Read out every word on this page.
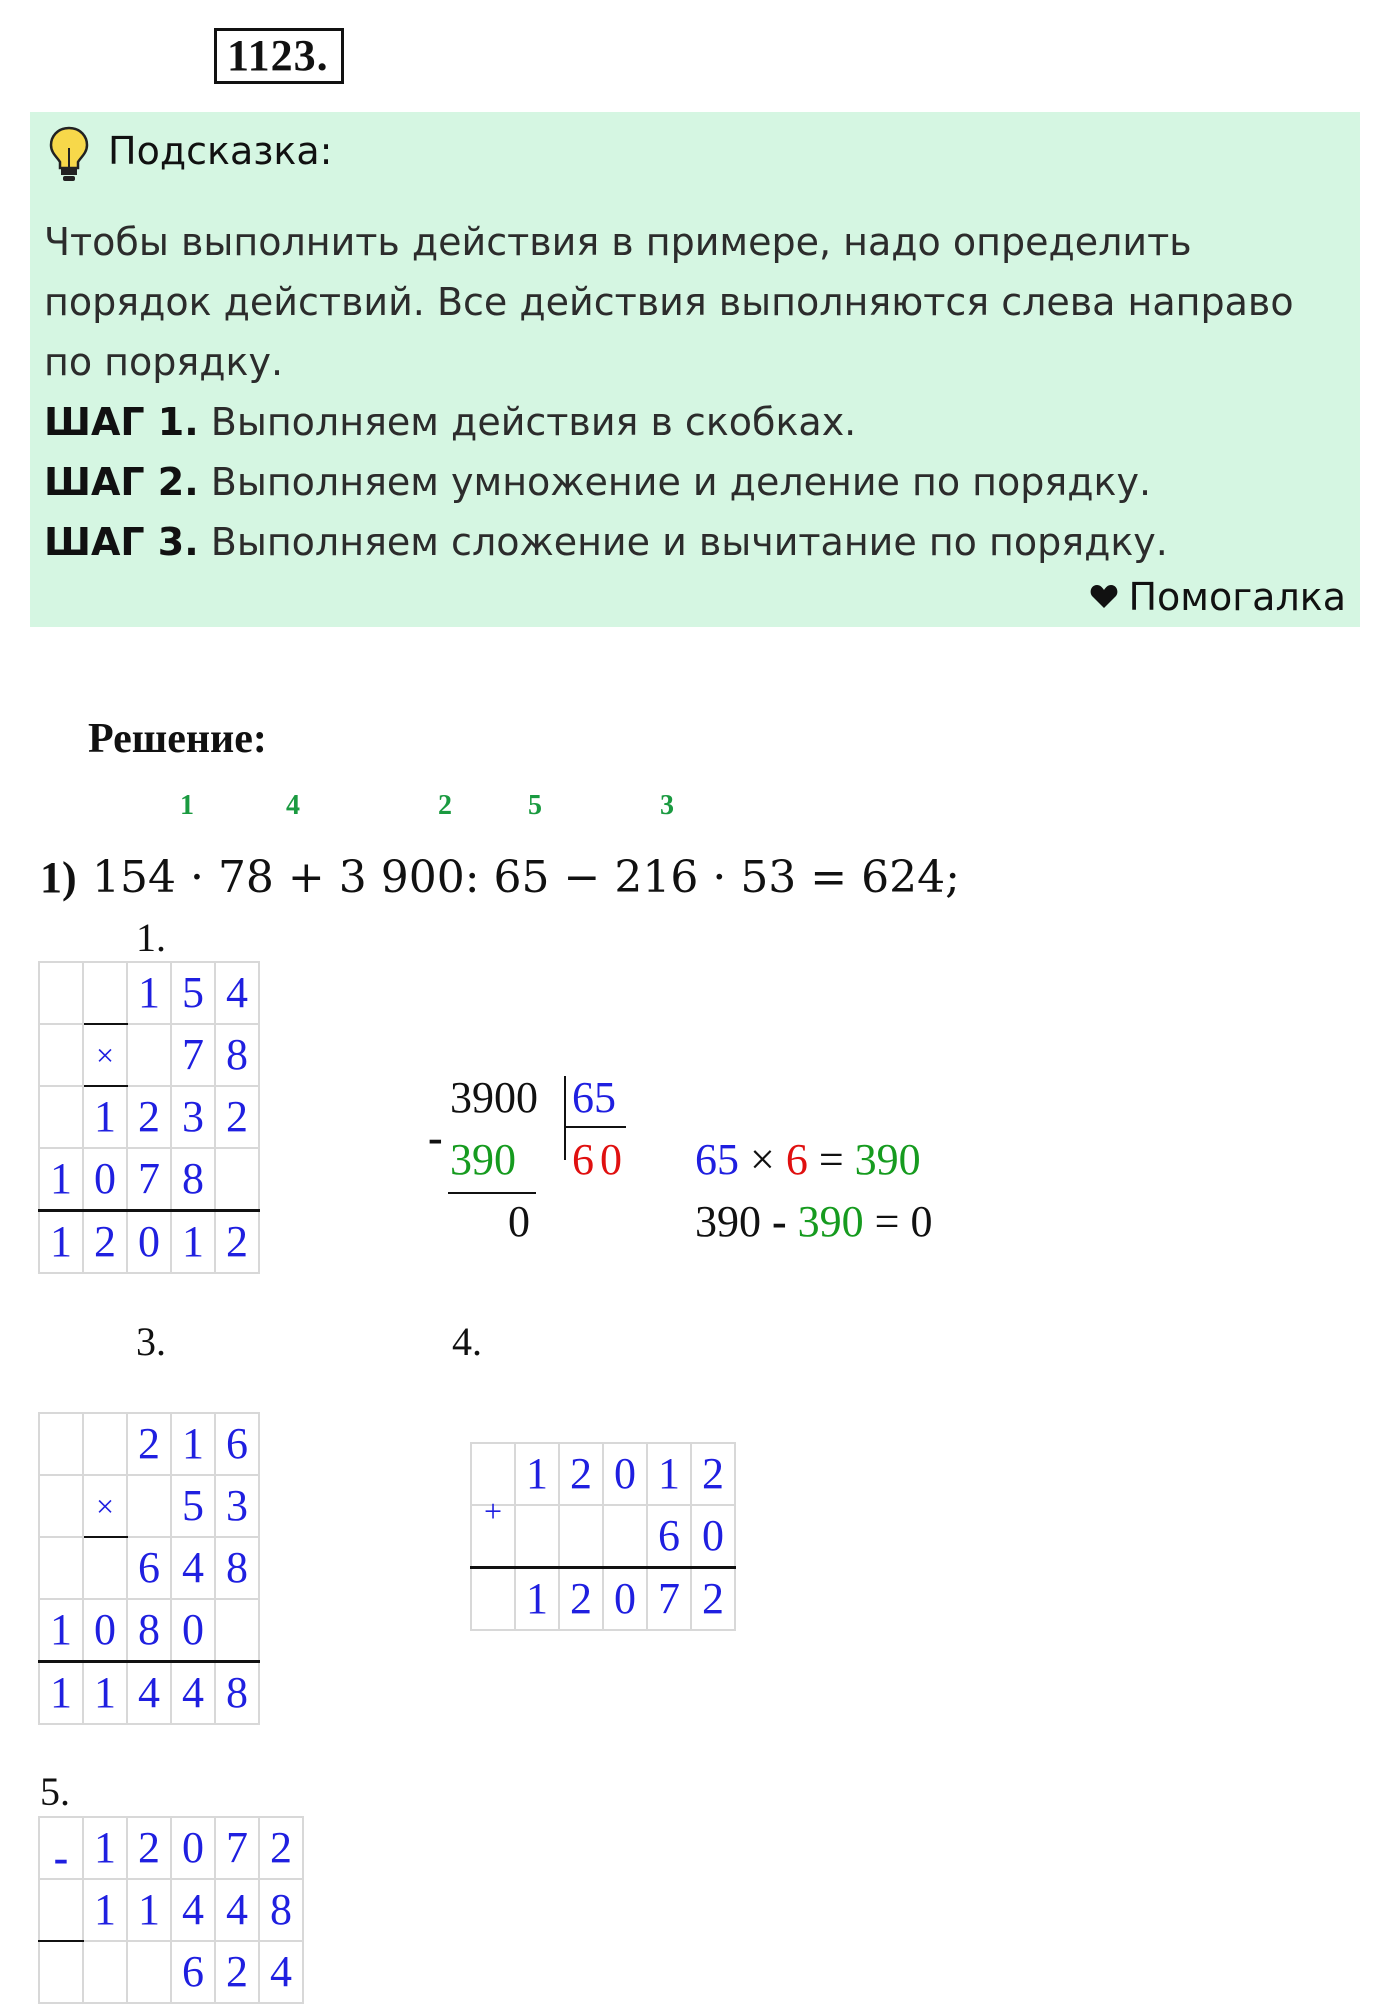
1123.
Подсказка:
Чтобы выполнить действия в примере, надо определить порядок действий. Все действия выполняются слева направо по порядку.
ШАГ 1. Выполняем действия в скобках.
ШАГ 2. Выполняем умножение и деление по порядку.
ШАГ 3. Выполняем сложение и вычитание по порядку.
Помогалка
Решение:
1	4	2	5	3
1) 154 · 78 + 3 900: 65 − 216 · 53 = 624;
1.
		1	5	4
	×		7	8
	1	2	3	2
1	0	7	8	
1	2	0	1	2
3900 65
- 390 6 0
0
65 × 6 = 390
390 - 390 = 0
3.
		2	1	6
	×		5	3
		6	4	8
1	0	8	0	
1	1	4	4	8
4.
	1	2	0	1	2
+				6	0
	1	2	0	7	2
5.
-	1	2	0	7	2
	1	1	4	4	8
			6	2	4
